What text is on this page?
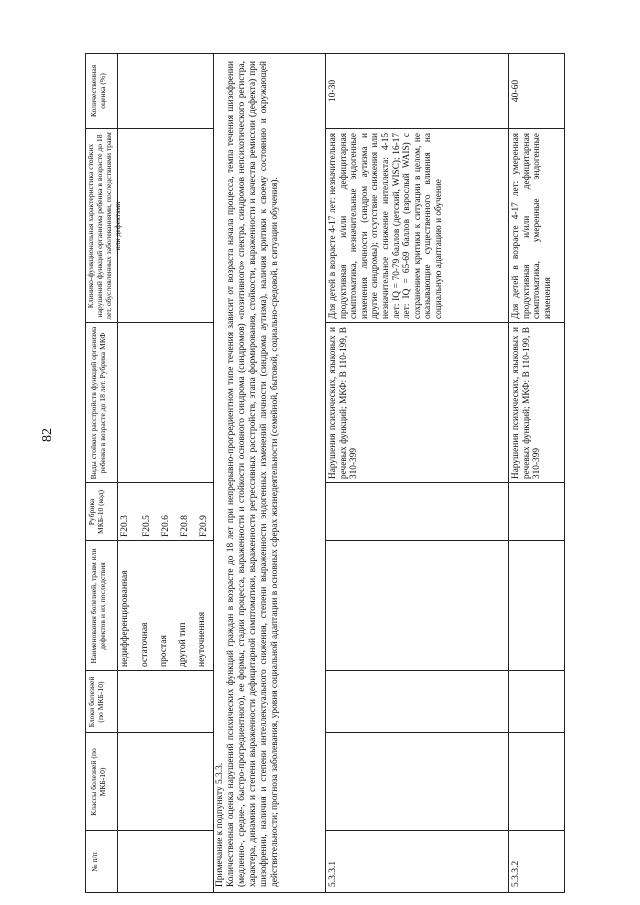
82
№ п/п
Классы болезней (по МКБ-10)
Блоки болезней (по МКБ-10)
Наименования болезней, травм или дефектов и их последствия
Рубрика МКБ-10 (код)
Виды стойких расстройств функций организма ребенка в возрасте до 18 лет. Рубрика МКФ
Клинико-функциональная характеристика стойких нарушений функций организма ребенка в возрасте до 18 лет, обусловленных заболеваниями, последствиями травм или дефектами
Количественная оценка (%)
недифференцированная
F20.3
остаточная
F20.5
простая
F20.6
другой тип
F20.8
неуточненная
F20.9
Примечание к подпункту 5.3.3. Количественная оценка нарушений психических функций граждан в возрасте до 18 лет при непрерывно-прогредиентном типе течения зависит от возраста начала процесса, темпа течения шизофрении (медленно-, средне-, быстро-прогредиентного), ее формы, стадии процесса, выраженности и стойкости основного синдрома (синдромов) «позитивного» спектра, синдромов непсихотического регистра, характера, динамики и степени выраженности дефицитарной симптоматики, выраженности регрессивных расстройств, этапа формирования, стойкости, выраженности и качества ремиссии (дефекта) при шизофрении, наличия и степени интеллектуального снижения, степени выраженности эндогенных изменений личности (синдрома аутизма), наличия критики к своему состоянию и окружающей действительности; прогноза заболевания, уровня социальной адаптации в основных сферах жизнедеятельности (семейной, бытовой, социально-средовой, в ситуации обучения).	5.3.3.1
Нарушения психических, языковых и речевых функций; МКФ: В 110-199, В 310-399
Для детей в возрасте 4-17 лет: незначительная продуктивная и/или дефицитарная симптоматика, незначительные эндогенные изменения личности (синдром аутизма и другие синдромы); отсутствие снижения или незначительное снижение интеллекта: 4-15 лет: IQ = 70-79 баллов (детский, WISC); 16-17 лет: IQ = 65-69 баллов (взрослый WAIS) с сохранением критики к ситуации в целом, не оказывающие существенного влияния на социальную адаптацию и обучение
10-30
5.3.3.2
Нарушения психических, языковых и речевых функций; МКФ: В 110-199, В 310-399
Для детей в возрасте 4-17 лет: умеренная продуктивная и/или дефицитарная симптоматика, умеренные эндогенные изменения
40-60
